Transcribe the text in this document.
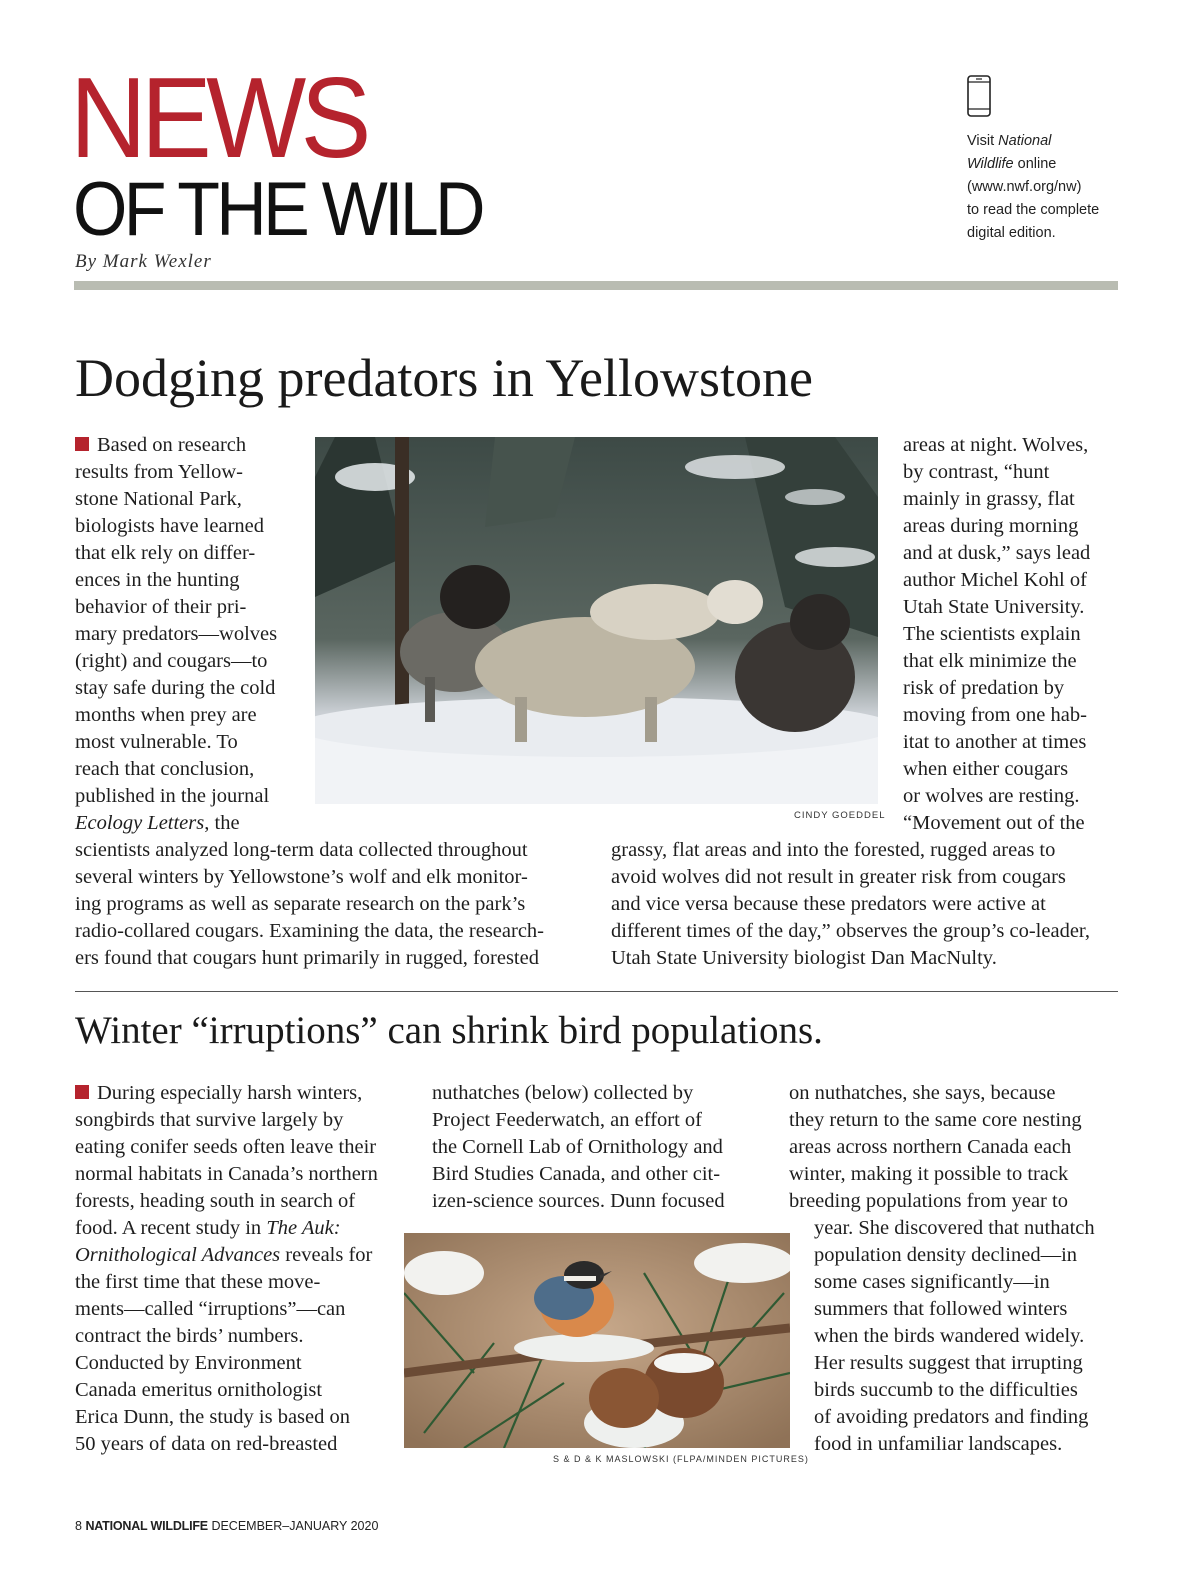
NEWS
OF THE WILD
By Mark Wexler
Visit National
Wildlife online
(www.nwf.org/nw)
to read the complete
digital edition.
Dodging predators in Yellowstone
Based on research
results from Yellow-
stone National Park,
biologists have learned
that elk rely on differ-
ences in the hunting
behavior of their pri-
mary predators—wolves
(right) and cougars—to
stay safe during the cold
months when prey are
most vulnerable. To
reach that conclusion,
published in the journal
Ecology Letters, the	CINDY GOEDDEL
areas at night. Wolves,
by contrast, “hunt
mainly in grassy, flat
areas during morning
and at dusk,” says lead
author Michel Kohl of
Utah State University.
The scientists explain
that elk minimize the
risk of predation by
moving from one hab-
itat to another at times
when either cougars
or wolves are resting.
“Movement out of the
scientists analyzed long-term data collected throughout
several winters by Yellowstone’s wolf and elk monitor-
ing programs as well as separate research on the park’s
radio-collared cougars. Examining the data, the research-
ers found that cougars hunt primarily in rugged, forested
grassy, flat areas and into the forested, rugged areas to
avoid wolves did not result in greater risk from cougars
and vice versa because these predators were active at
different times of the day,” observes the group’s co-leader,
Utah State University biologist Dan MacNulty.
Winter “irruptions” can shrink bird populations.
During especially harsh winters,
songbirds that survive largely by
eating conifer seeds often leave their
normal habitats in Canada’s northern
forests, heading south in search of
food. A recent study in The Auk:
Ornithological Advances reveals for
the first time that these move-
ments—called “irruptions”—can
contract the birds’ numbers.
Conducted by Environment
Canada emeritus ornithologist
Erica Dunn, the study is based on
50 years of data on red-breasted
nuthatches (below) collected by
Project Feederwatch, an effort of
the Cornell Lab of Ornithology and
Bird Studies Canada, and other cit-
izen-science sources. Dunn focused
on nuthatches, she says, because
they return to the same core nesting
areas across northern Canada each
winter, making it possible to track
breeding populations from year to
year. She discovered that nuthatch
population density declined—in
some cases significantly—in
summers that followed winters
when the birds wandered widely.
Her results suggest that irrupting
birds succumb to the difficulties
of avoiding predators and finding
food in unfamiliar landscapes.
S & D & K MASLOWSKI (FLPA/MINDEN PICTURES)
8 NATIONAL WILDLIFE DECEMBER–JANUARY 2020
